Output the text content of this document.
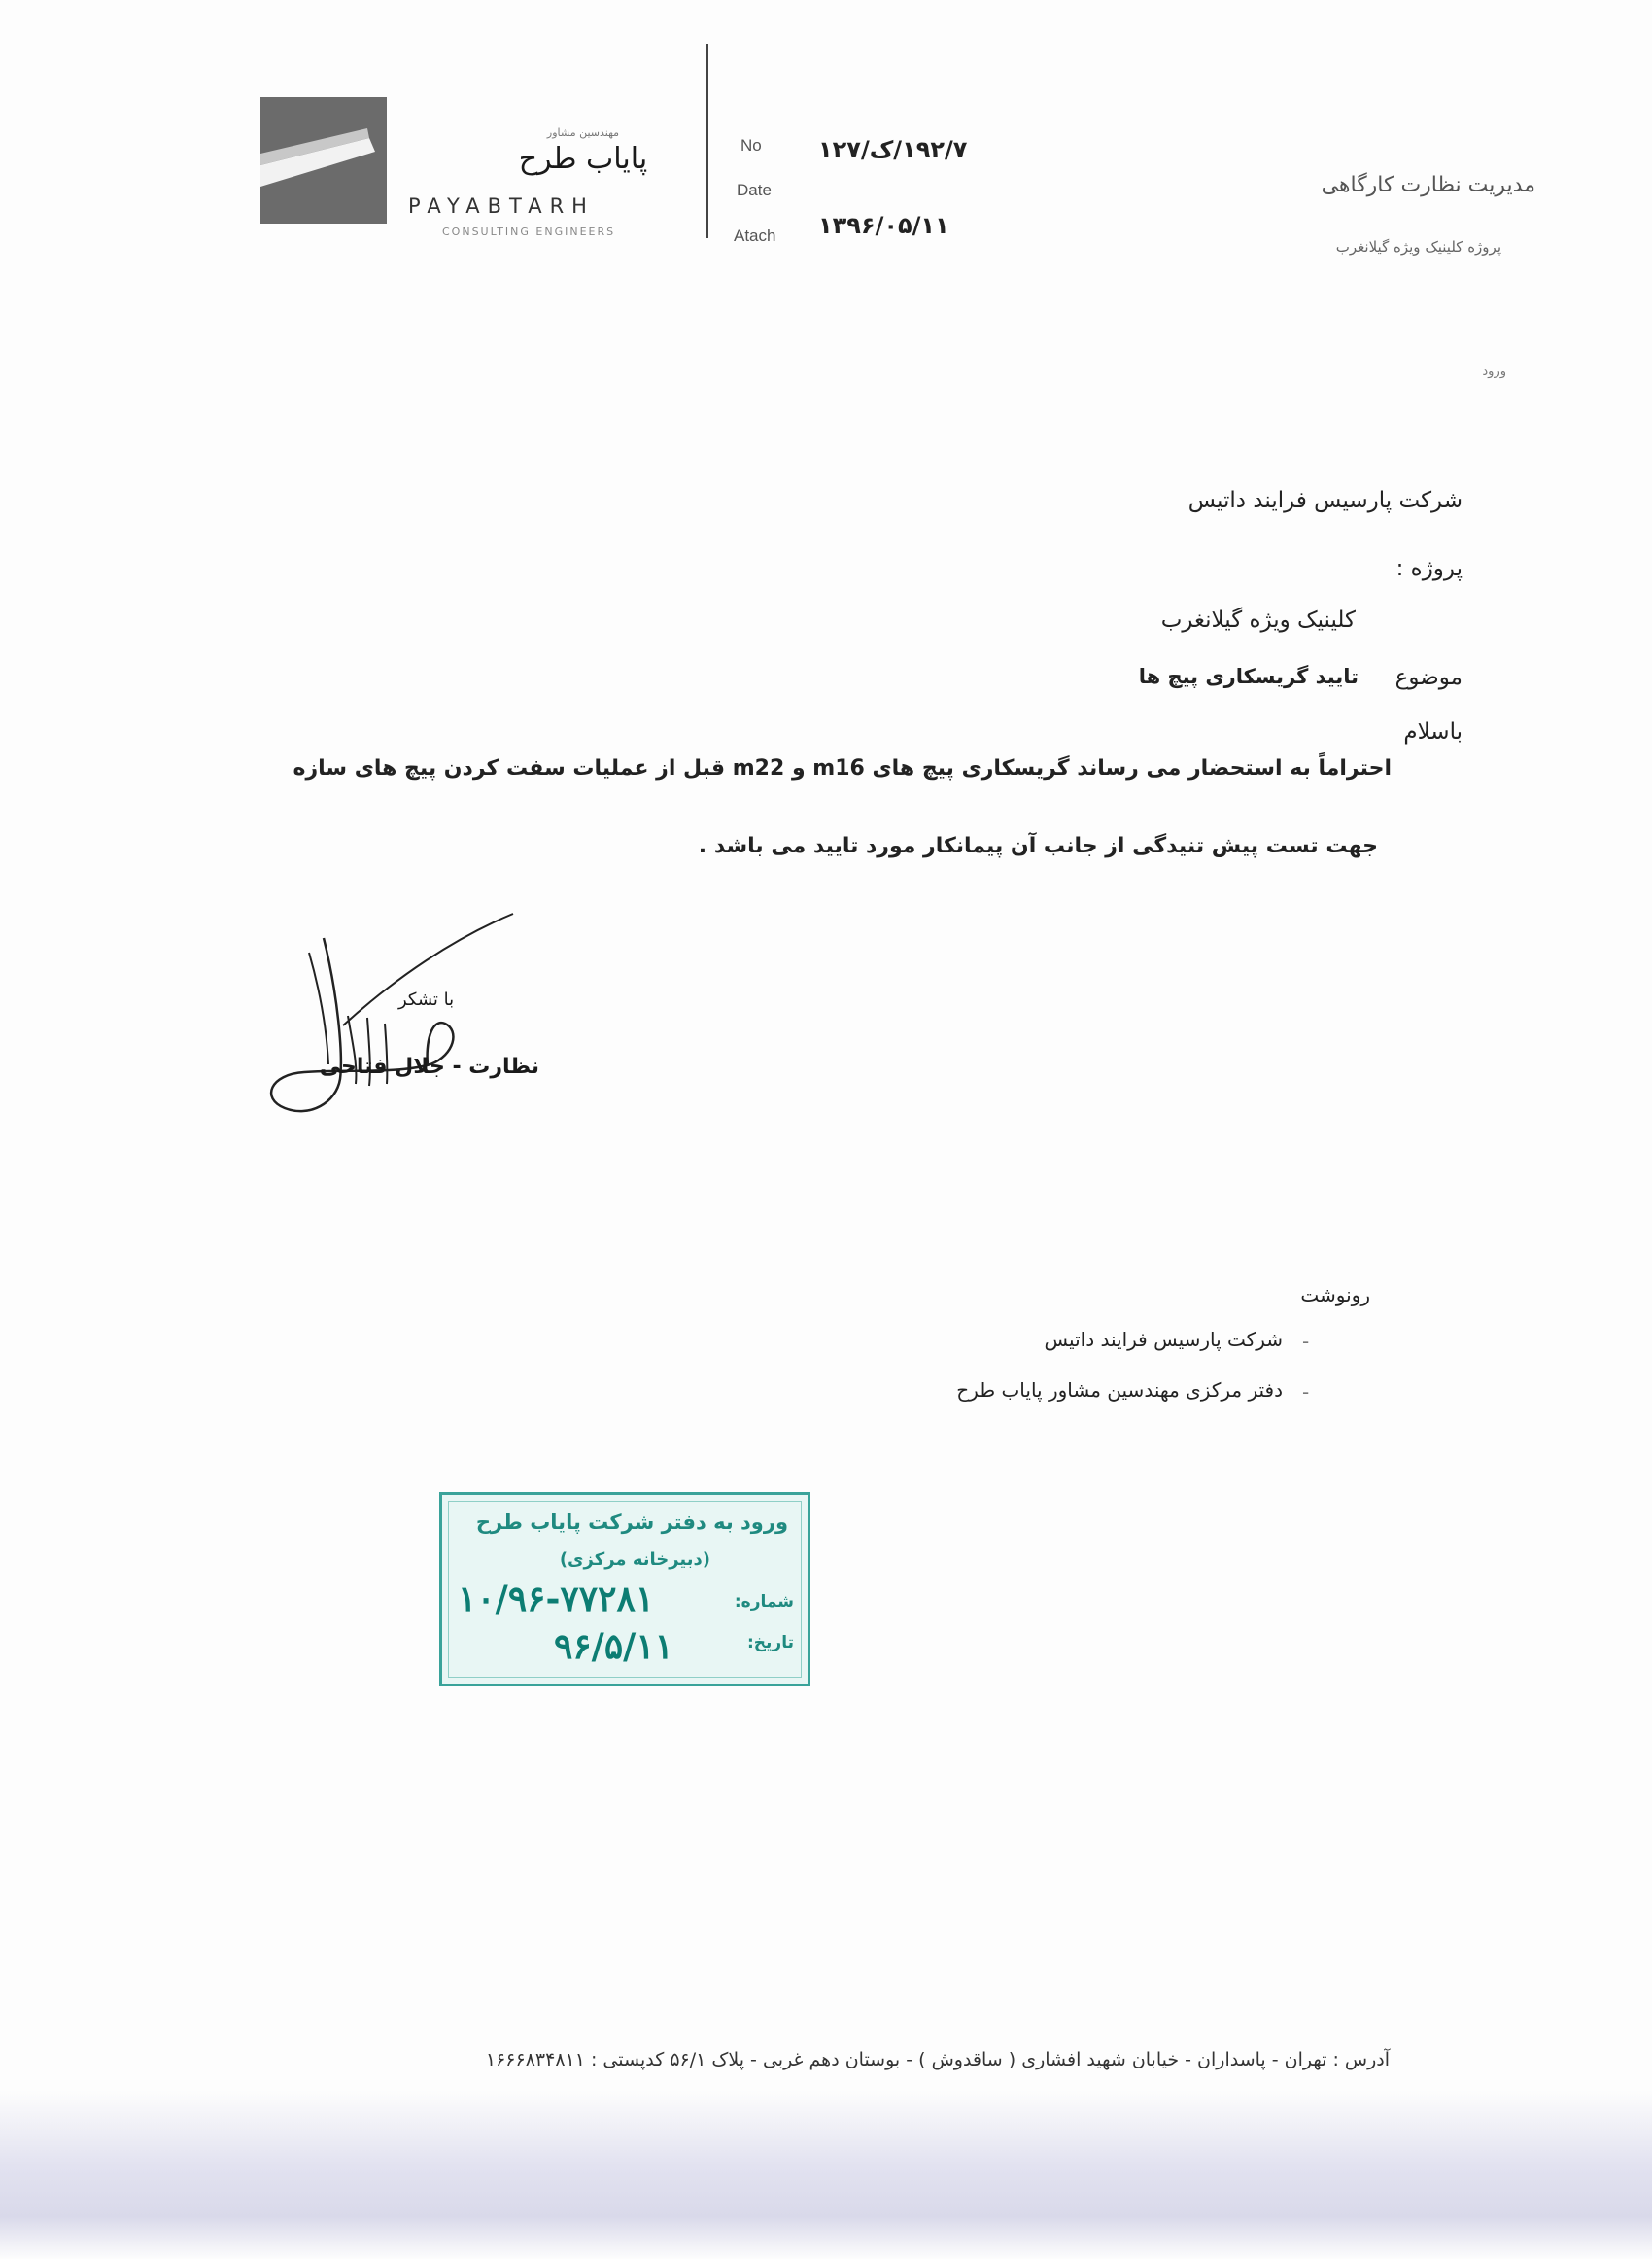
مهندسین مشاور
پایاب طرح
PAYABTARH
CONSULTING ENGINEERS
No ۱۹۲/۷/ک/۱۲۷
Date
Atach ۱۳۹۶/۰۵/۱۱
مدیریت نظارت کارگاهی
پروژه کلینیک ویژه گیلانغرب
ورود
شرکت پارسیس فرایند داتیس
پروژه :
کلینیک ویژه گیلانغرب
موضوع
تایید گریسکاری پیچ ها
باسلام
احتراماً به استحضار می رساند گریسکاری پیچ های m16 و m22 قبل از عملیات سفت کردن پیچ های سازه
جهت تست پیش تنیدگی از جانب آن پیمانکار مورد تایید می باشد .
با تشکر
نظارت - جلال فتاحی
رونوشت
-
شرکت پارسیس فرایند داتیس
-
دفتر مرکزی مهندسین مشاور پایاب طرح
ورود به دفتر شرکت پایاب طرح
(دبیرخانه مرکزی)
شماره:
۱۰/۹۶-۷۷۲۸۱
تاریخ:
۹۶/۵/۱۱
آدرس : تهران - پاسداران - خیابان شهید افشاری ( ساقدوش ) - بوستان دهم غربی - پلاک ۵۶/۱ کدپستی : ۱۶۶۶۸۳۴۸۱۱
